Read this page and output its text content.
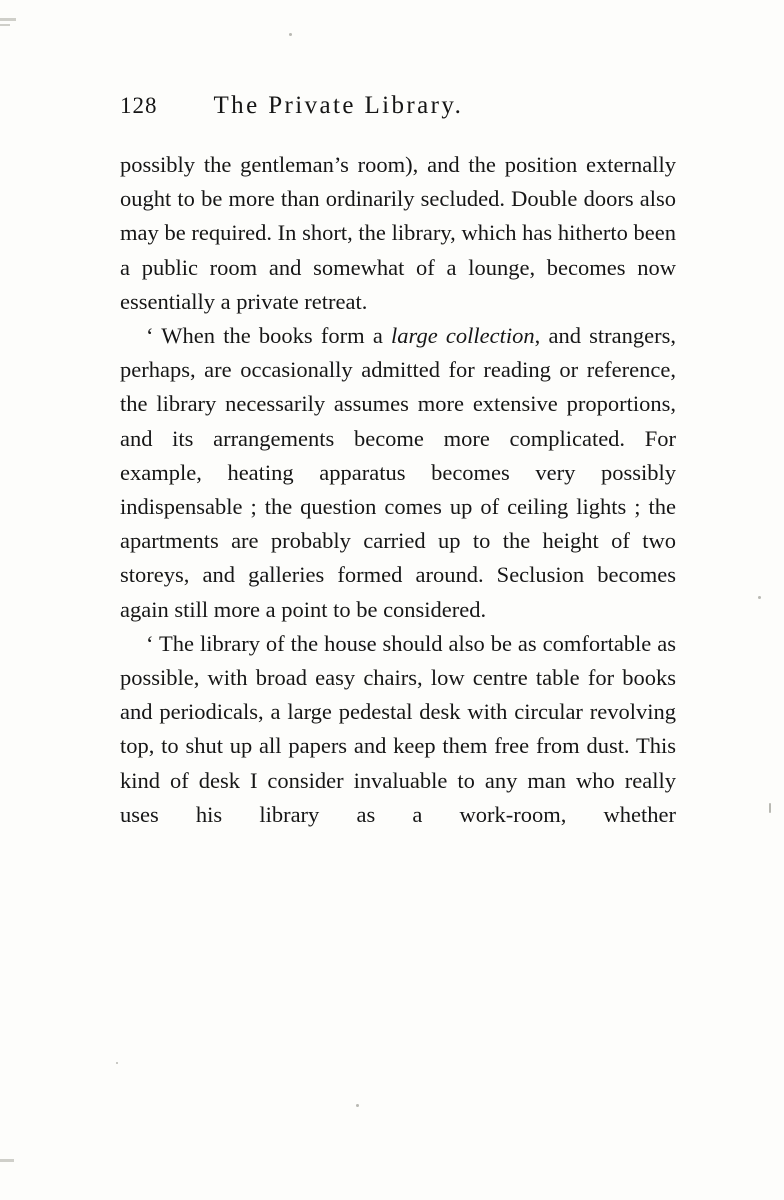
128 The Private Library.

possibly the gentleman’s room), and the position externally ought to be more than ordinarily secluded. Double doors also may be required. In short, the library, which has hitherto been a public room and somewhat of a lounge, becomes now essentially a private retreat.

‘ When the books form a large collection, and strangers, perhaps, are occasionally admitted for reading or reference, the library necessarily assumes more extensive proportions, and its arrangements become more complicated. For example, heating apparatus becomes very possibly indispensable ; the question comes up of ceiling lights ; the apartments are probably carried up to the height of two storeys, and galleries formed around. Seclusion becomes again still more a point to be considered.

‘ The library of the house should also be as comfortable as possible, with broad easy chairs, low centre table for books and periodicals, a large pedestal desk with circular revolving top, to shut up all papers and keep them free from dust. This kind of desk I consider invaluable to any man who really uses his library as a work-room, whether
